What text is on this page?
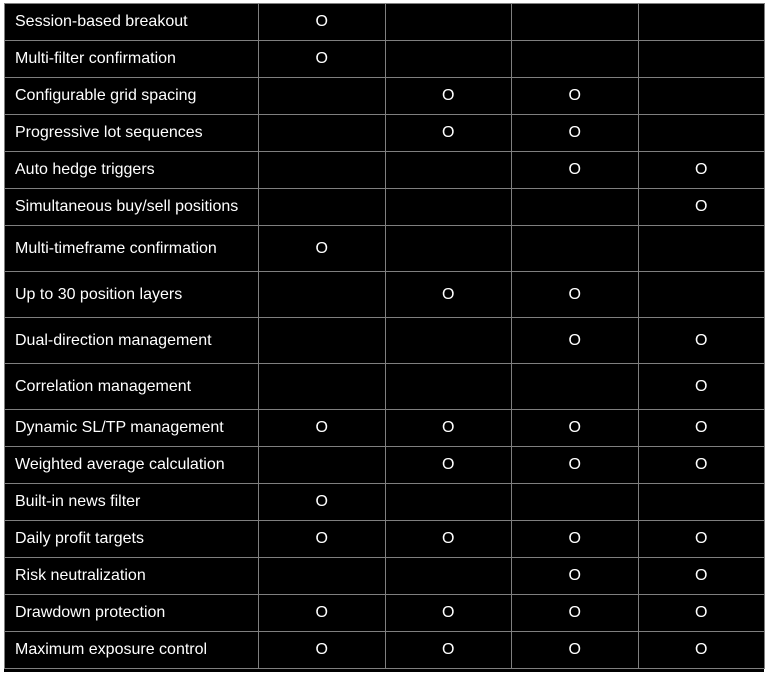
Session-based breakout	O			
Multi-filter confirmation	O			
Configurable grid spacing		O	O	
Progressive lot sequences		O	O	
Auto hedge triggers			O	O
Simultaneous buy/sell positions				O
Multi-timeframe confirmation	O			
Up to 30 position layers		O	O	
Dual-direction management			O	O
Correlation management				O
Dynamic SL/TP management	O	O	O	O
Weighted average calculation		O	O	O
Built-in news filter	O			
Daily profit targets	O	O	O	O
Risk neutralization			O	O
Drawdown protection	O	O	O	O
Maximum exposure control	O	O	O	O
